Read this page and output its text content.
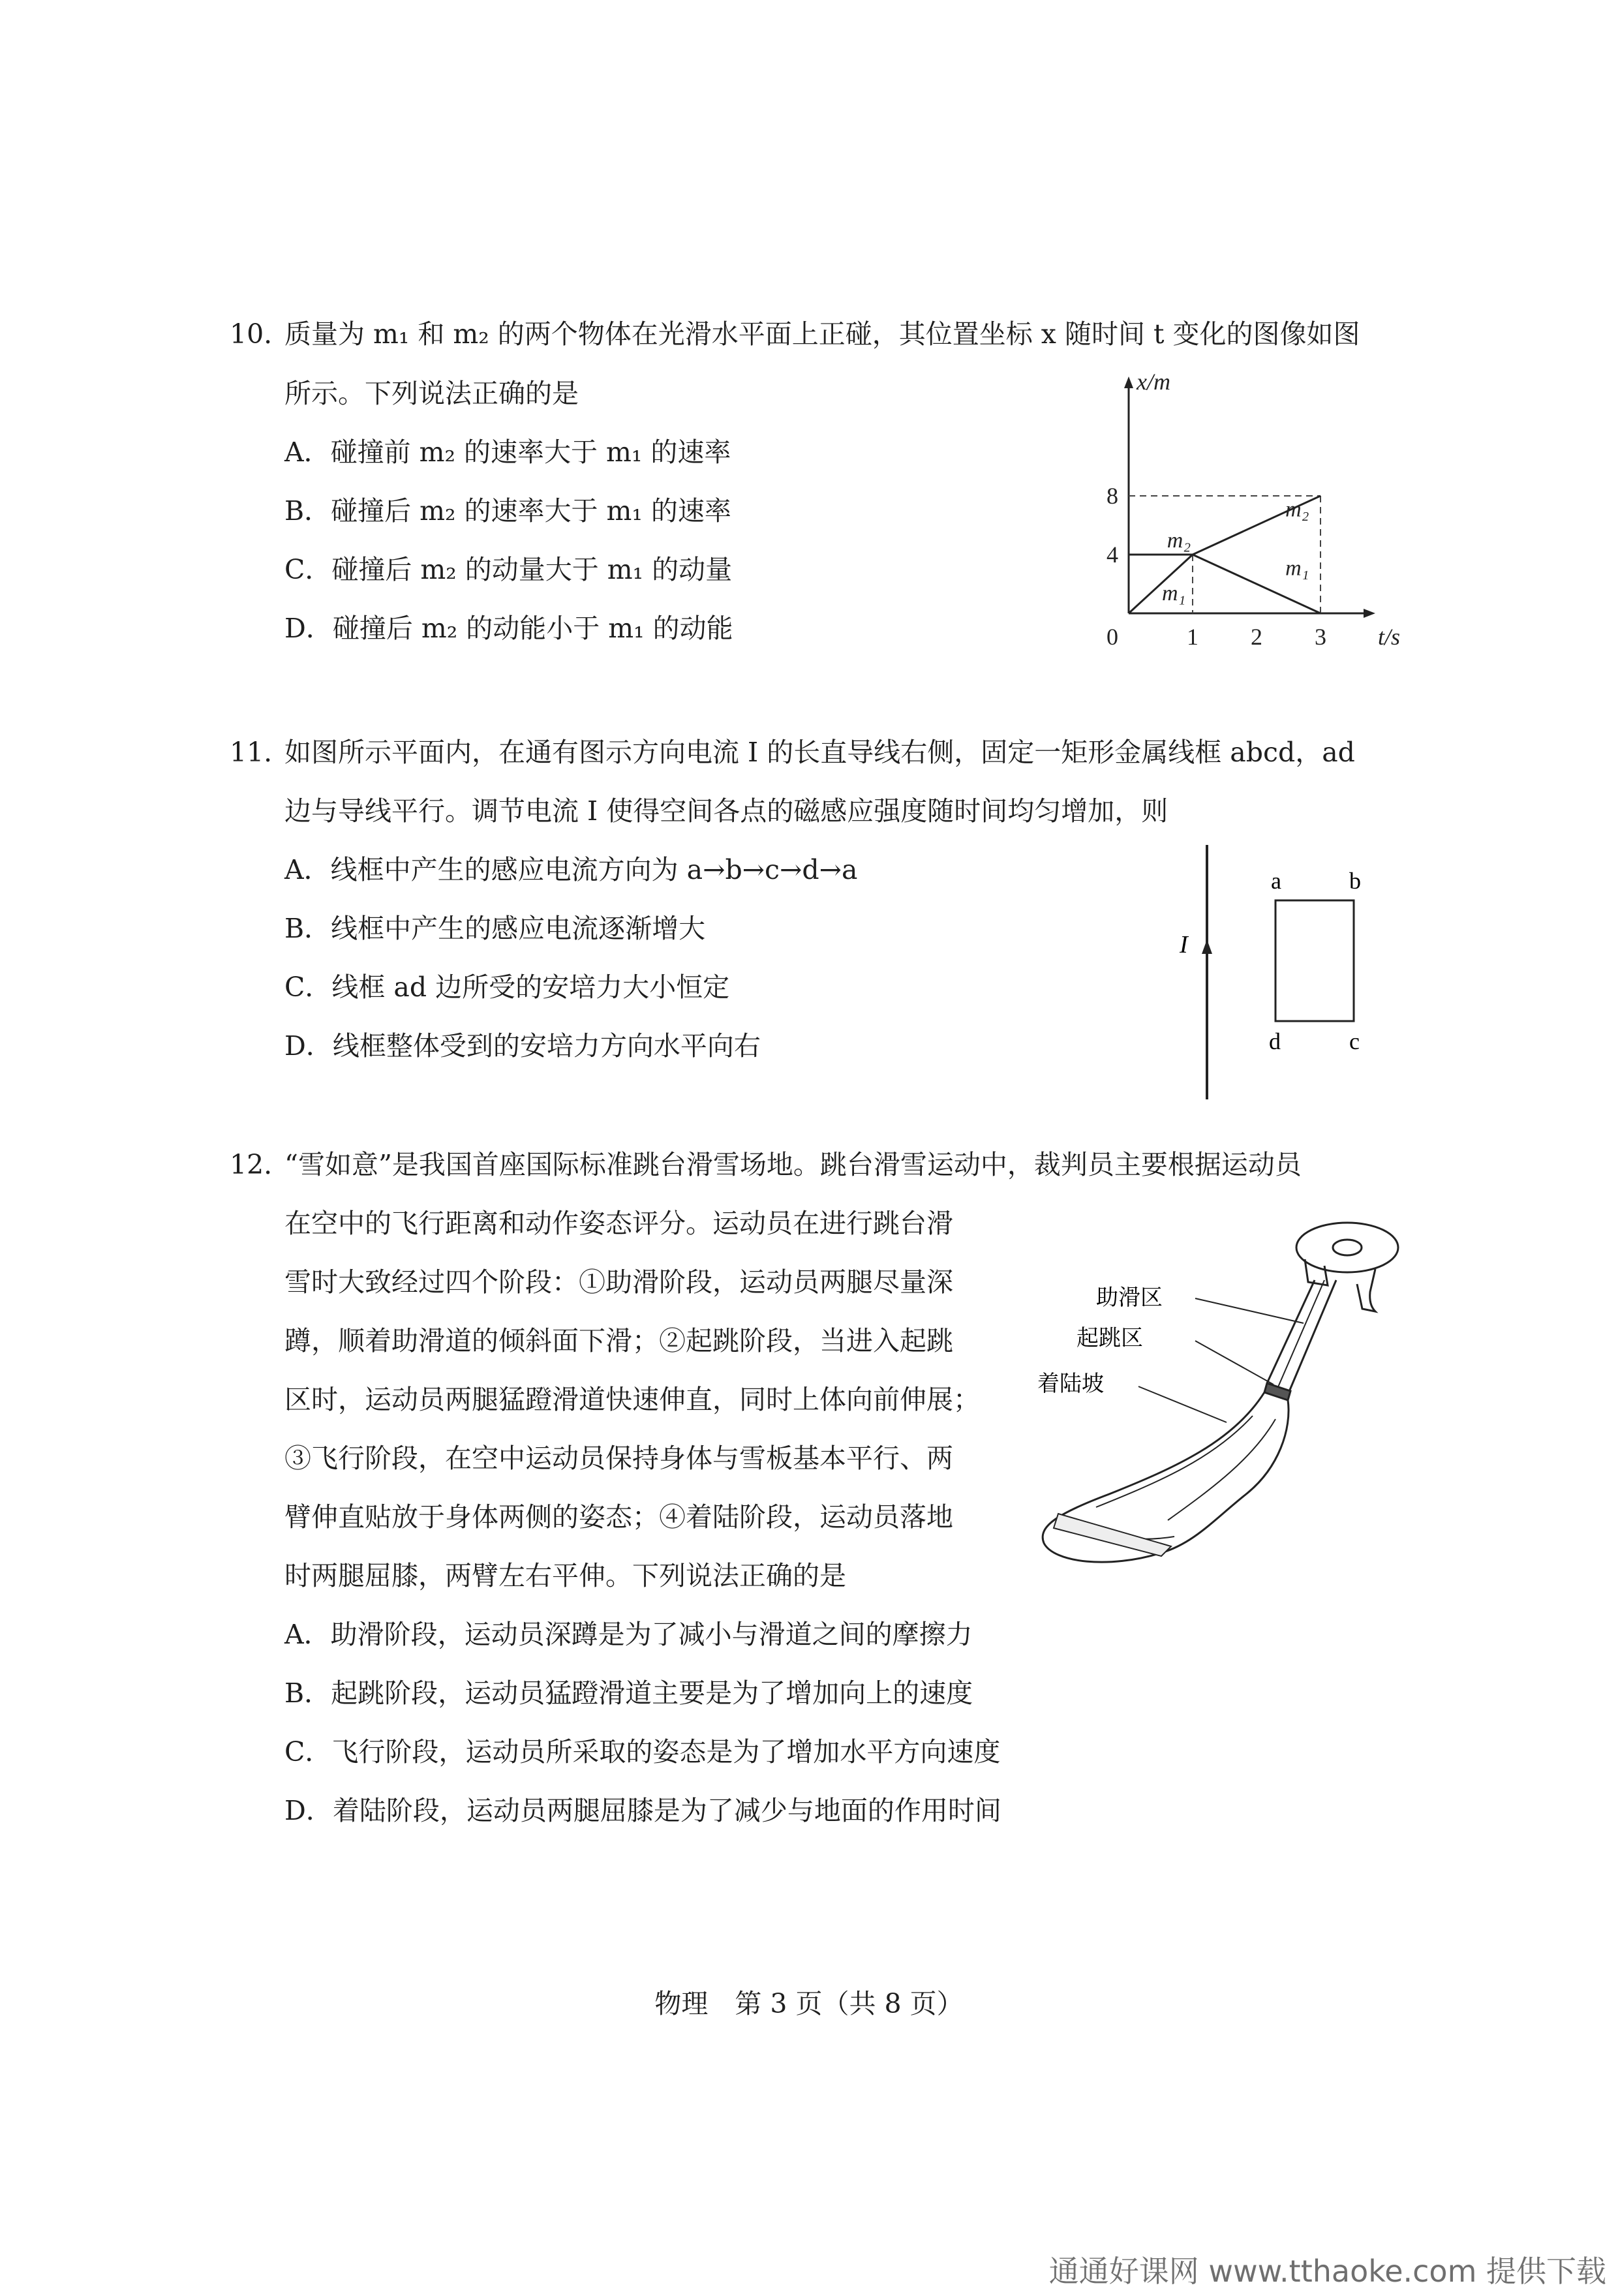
10. 质量为 m₁ 和 m₂ 的两个物体在光滑水平面上正碰，其位置坐标 x 随时间 t 变化的图像如图
所示。下列说法正确的是
A．碰撞前 m₂ 的速率大于 m₁ 的速率
B．碰撞后 m₂ 的速率大于 m₁ 的速率
C．碰撞后 m₂ 的动量大于 m₁ 的动量
D．碰撞后 m₂ 的动能小于 m₁ 的动能	1 2 3
4
8
0	t/s
x/m
m₂
m₂
m₁
m₁
11. 如图所示平面内，在通有图示方向电流 I 的长直导线右侧，固定一矩形金属线框 abcd，ad
边与导线平行。调节电流 I 使得空间各点的磁感应强度随时间均匀增加，则
A．线框中产生的感应电流方向为 a→b→c→d→a
B．线框中产生的感应电流逐渐增大
C．线框 ad 边所受的安培力大小恒定
D．线框整体受到的安培力方向水平向右
I
a	b
c
d
12. “雪如意”是我国首座国际标准跳台滑雪场地。跳台滑雪运动中，裁判员主要根据运动员
在空中的飞行距离和动作姿态评分。运动员在进行跳台滑
雪时大致经过四个阶段：①助滑阶段，运动员两腿尽量深
蹲，顺着助滑道的倾斜面下滑；②起跳阶段，当进入起跳
区时，运动员两腿猛蹬滑道快速伸直，同时上体向前伸展；
③飞行阶段，在空中运动员保持身体与雪板基本平行、两
臂伸直贴放于身体两侧的姿态；④着陆阶段，运动员落地
时两腿屈膝，两臂左右平伸。下列说法正确的是
A．助滑阶段，运动员深蹲是为了减小与滑道之间的摩擦力
B．起跳阶段，运动员猛蹬滑道主要是为了增加向上的速度
C．飞行阶段，运动员所采取的姿态是为了增加水平方向速度
D．着陆阶段，运动员两腿屈膝是为了减少与地面的作用时间
助滑区
起跳区
着陆坡
物理　第 3 页（共 8 页）
通通好课网 www.tthaoke.com 提供下载
